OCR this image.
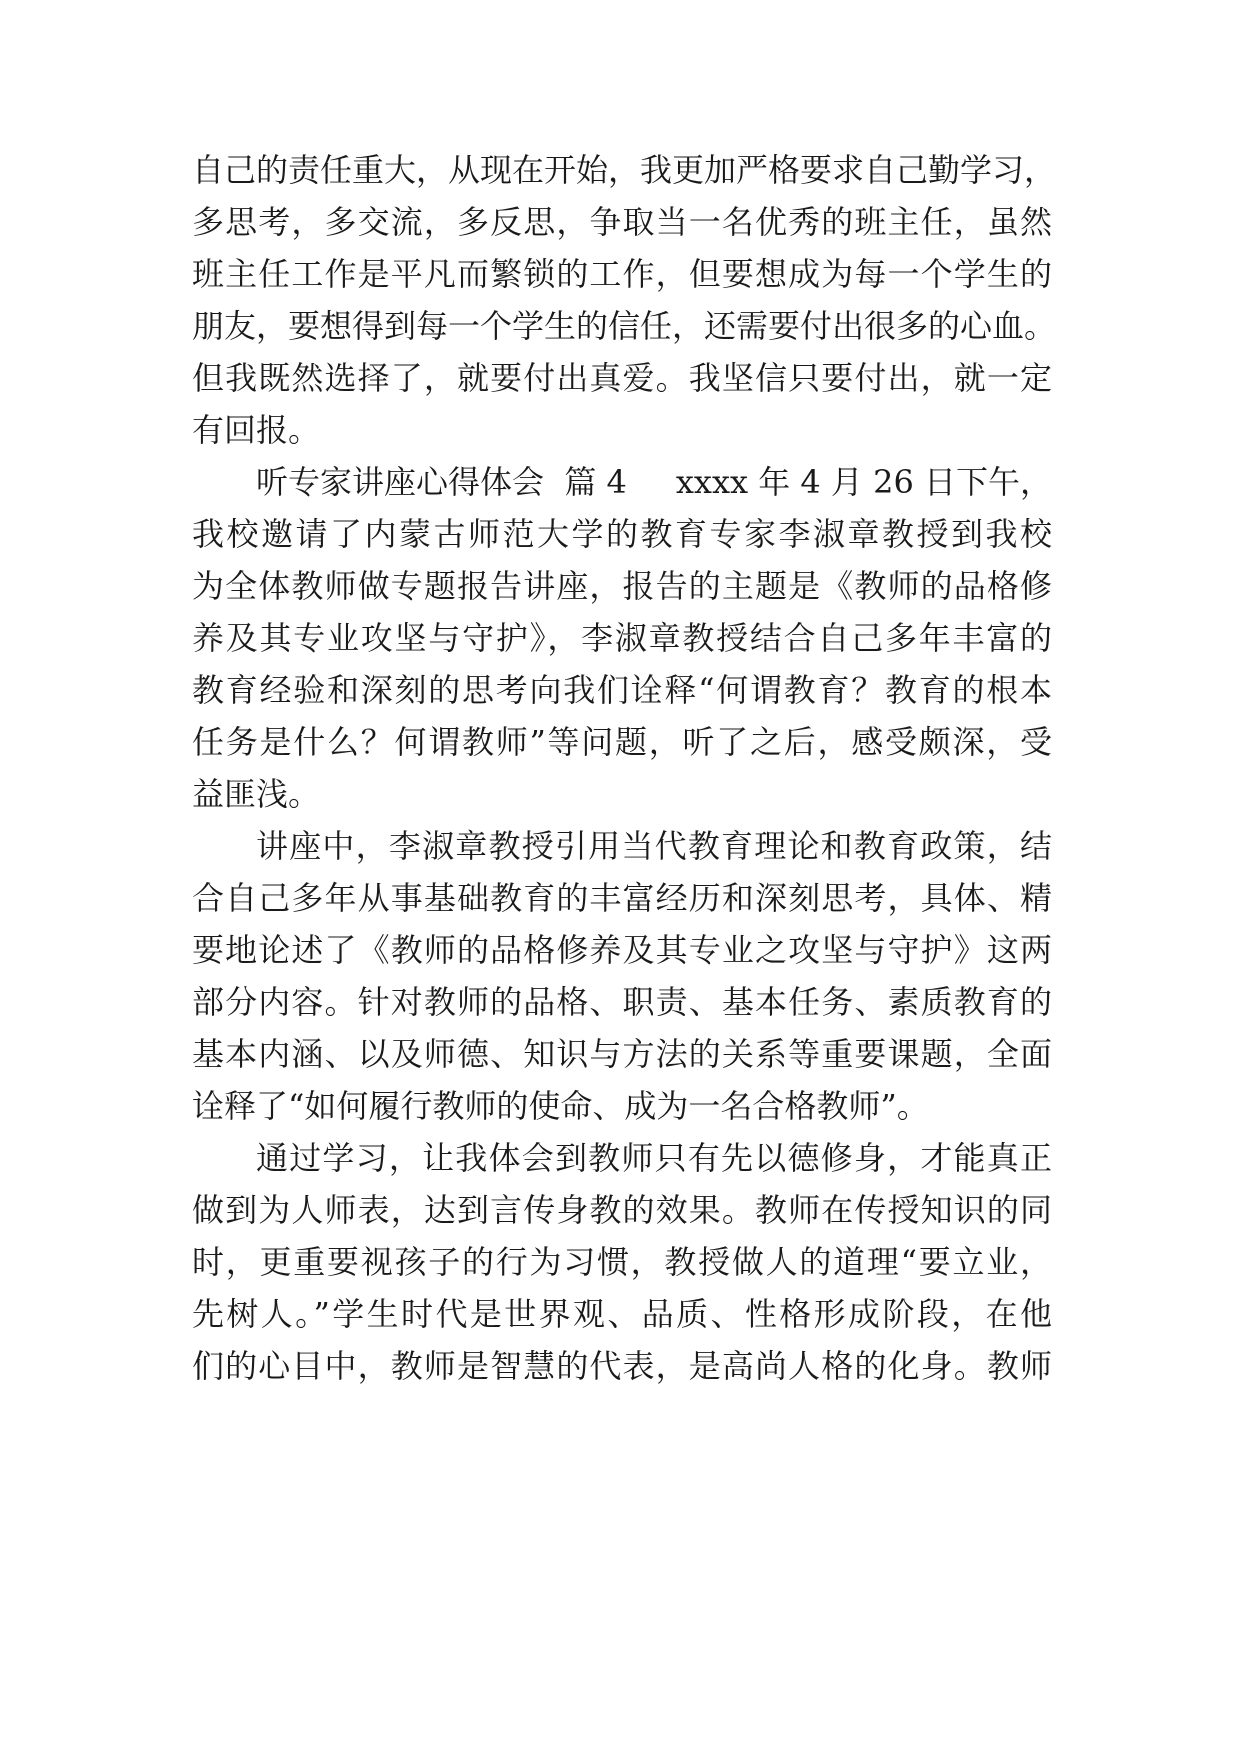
自己的责任重大，从现在开始，我更加严格要求自己勤学习，
多思考，多交流，多反思，争取当一名优秀的班主任，虽然
班主任工作是平凡而繁锁的工作，但要想成为每一个学生的
朋友，要想得到每一个学生的信任，还需要付出很多的心血。
但我既然选择了，就要付出真爱。我坚信只要付出，就一定
有回报。
听专家讲座心得体会  篇 4 xxxx 年 4 月 26 日下午，
我校邀请了内蒙古师范大学的教育专家李淑章教授到我校
为全体教师做专题报告讲座，报告的主题是《教师的品格修
养及其专业攻坚与守护》，李淑章教授结合自己多年丰富的
教育经验和深刻的思考向我们诠释“何谓教育？教育的根本
任务是什么？何谓教师”等问题，听了之后，感受颇深，受
益匪浅。
讲座中，李淑章教授引用当代教育理论和教育政策，结
合自己多年从事基础教育的丰富经历和深刻思考，具体、精
要地论述了《教师的品格修养及其专业之攻坚与守护》这两
部分内容。针对教师的品格、职责、基本任务、素质教育的
基本内涵、以及师德、知识与方法的关系等重要课题，全面
诠释了“如何履行教师的使命、成为一名合格教师”。
通过学习，让我体会到教师只有先以德修身，才能真正
做到为人师表，达到言传身教的效果。教师在传授知识的同
时，更重要视孩子的行为习惯，教授做人的道理“要立业，
先树人。”学生时代是世界观、品质、性格形成阶段，在他
们的心目中，教师是智慧的代表，是高尚人格的化身。教师
